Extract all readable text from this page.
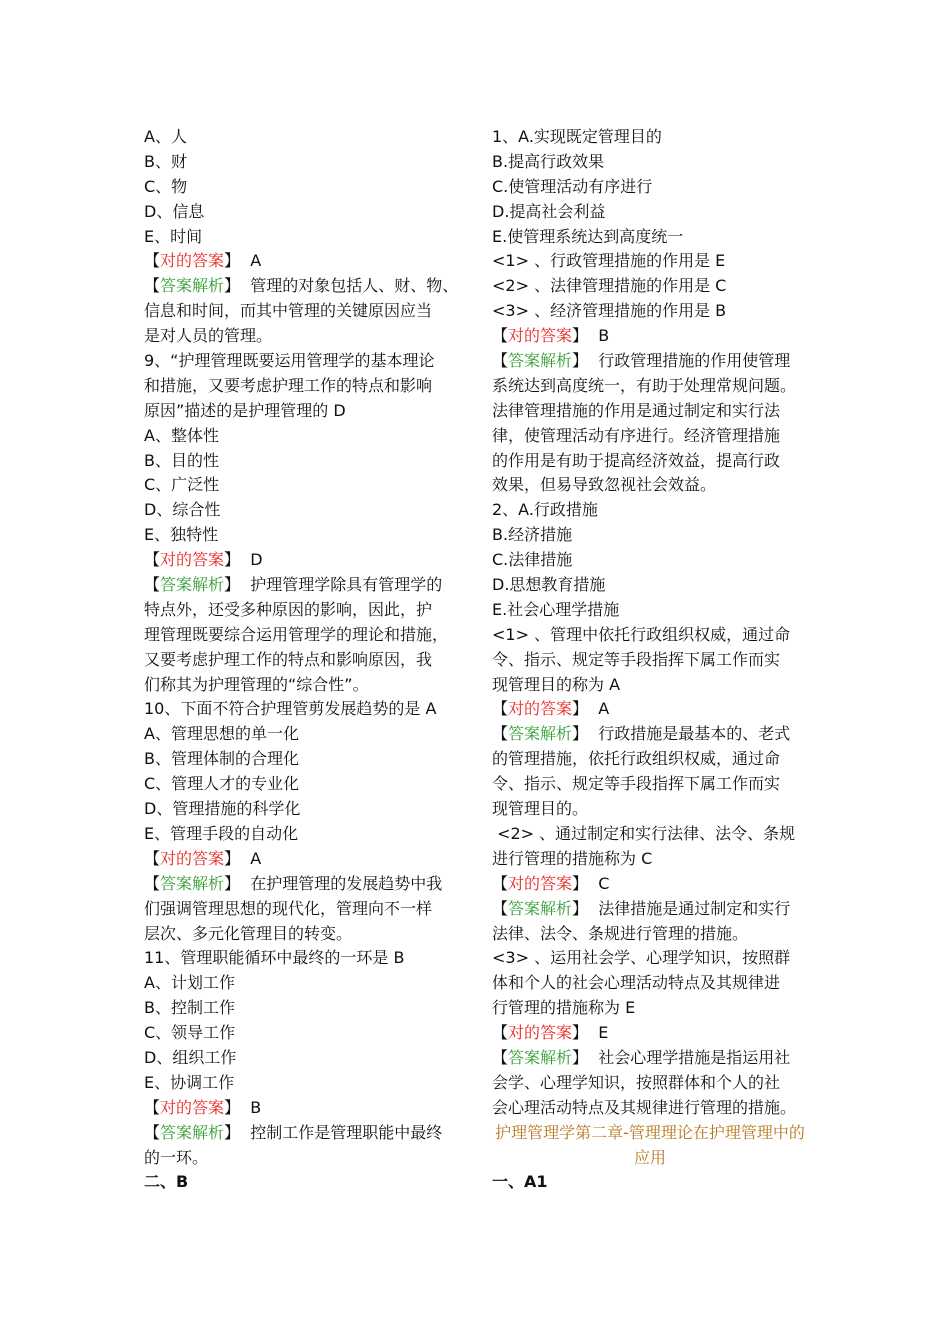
A、人
B、财
C、物
D、信息
E、时间
【对的答案】 A
【答案解析】 管理的对象包括人、财、物、
信息和时间，而其中管理的关键原因应当
是对人员的管理。
9、“护理管理既要运用管理学的基本理论
和措施，又要考虑护理工作的特点和影响
原因”描述的是护理管理的 D
A、整体性
B、目的性
C、广泛性
D、综合性
E、独特性
【对的答案】 D
【答案解析】 护理管理学除具有管理学的
特点外，还受多种原因的影响，因此，护
理管理既要综合运用管理学的理论和措施，
又要考虑护理工作的特点和影响原因，我
们称其为护理管理的“综合性”。
10、下面不符合护理管剪发展趋势的是 A
A、管理思想的单一化
B、管理体制的合理化
C、管理人才的专业化
D、管理措施的科学化
E、管理手段的自动化
【对的答案】 A
【答案解析】 在护理管理的发展趋势中我
们强调管理思想的现代化，管理向不一样
层次、多元化管理目的转变。
11、管理职能循环中最终的一环是 B
A、计划工作
B、控制工作
C、领导工作
D、组织工作
E、协调工作
【对的答案】 B
【答案解析】 控制工作是管理职能中最终
的一环。
二、B
1、A.实现既定管理目的
B.提高行政效果
C.使管理活动有序进行
D.提高社会利益
E.使管理系统达到高度统一
<1> 、行政管理措施的作用是 E
<2> 、法律管理措施的作用是 C
<3> 、经济管理措施的作用是 B
【对的答案】 B
【答案解析】 行政管理措施的作用使管理
系统达到高度统一，有助于处理常规问题。
法律管理措施的作用是通过制定和实行法
律，使管理活动有序进行。经济管理措施
的作用是有助于提高经济效益，提高行政
效果，但易导致忽视社会效益。
2、A.行政措施
B.经济措施
C.法律措施
D.思想教育措施
E.社会心理学措施
<1> 、管理中依托行政组织权威，通过命
令、指示、规定等手段指挥下属工作而实
现管理目的称为 A
【对的答案】 A
【答案解析】 行政措施是最基本的、老式
的管理措施，依托行政组织权威，通过命
令、指示、规定等手段指挥下属工作而实
现管理目的。
<2> 、通过制定和实行法律、法令、条规
进行管理的措施称为 C
【对的答案】 C
【答案解析】 法律措施是通过制定和实行
法律、法令、条规进行管理的措施。
<3> 、运用社会学、心理学知识，按照群
体和个人的社会心理活动特点及其规律进
行管理的措施称为 E
【对的答案】 E
【答案解析】 社会心理学措施是指运用社
会学、心理学知识，按照群体和个人的社
会心理活动特点及其规律进行管理的措施。
护理管理学第二章-管理理论在护理管理中的应用
一、A1
